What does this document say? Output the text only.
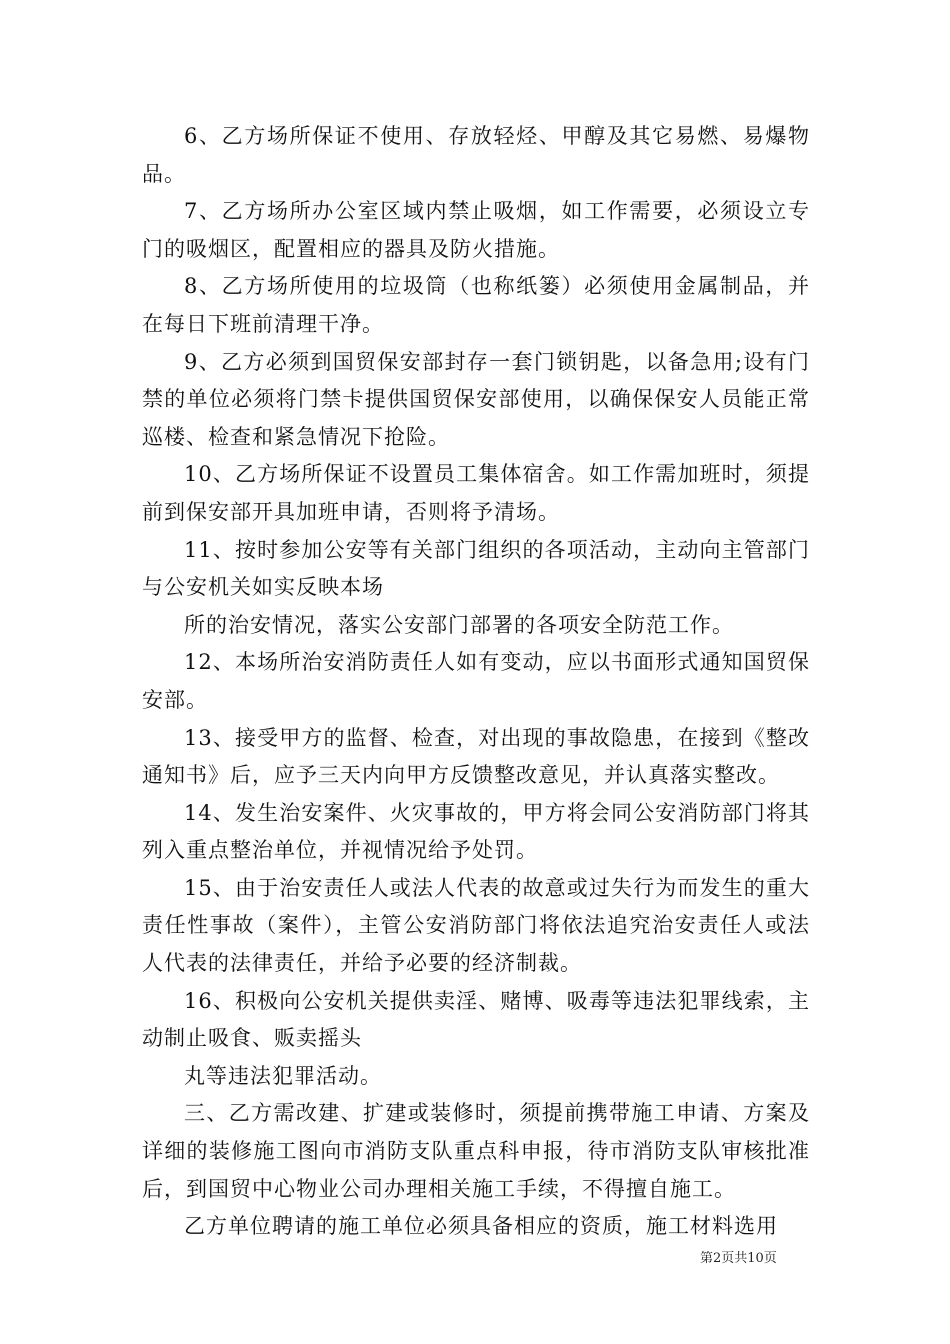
6、乙方场所保证不使用、存放轻烃、甲醇及其它易燃、易爆物品。

7、乙方场所办公室区域内禁止吸烟，如工作需要，必须设立专门的吸烟区，配置相应的器具及防火措施。

8、乙方场所使用的垃圾筒（也称纸篓）必须使用金属制品，并在每日下班前清理干净。

9、乙方必须到国贸保安部封存一套门锁钥匙，以备急用;设有门禁的单位必须将门禁卡提供国贸保安部使用，以确保保安人员能正常巡楼、检查和紧急情况下抢险。

10、乙方场所保证不设置员工集体宿舍。如工作需加班时，须提前到保安部开具加班申请，否则将予清场。

11、按时参加公安等有关部门组织的各项活动，主动向主管部门与公安机关如实反映本场

所的治安情况，落实公安部门部署的各项安全防范工作。

12、本场所治安消防责任人如有变动，应以书面形式通知国贸保安部。

13、接受甲方的监督、检查，对出现的事故隐患，在接到《整改通知书》后，应予三天内向甲方反馈整改意见，并认真落实整改。

14、发生治安案件、火灾事故的，甲方将会同公安消防部门将其列入重点整治单位，并视情况给予处罚。

15、由于治安责任人或法人代表的故意或过失行为而发生的重大责任性事故（案件），主管公安消防部门将依法追究治安责任人或法人代表的法律责任，并给予必要的经济制裁。

16、积极向公安机关提供卖淫、赌博、吸毒等违法犯罪线索，主动制止吸食、贩卖摇头

丸等违法犯罪活动。

三、乙方需改建、扩建或装修时，须提前携带施工申请、方案及详细的装修施工图向市消防支队重点科申报，待市消防支队审核批准后，到国贸中心物业公司办理相关施工手续，不得擅自施工。

乙方单位聘请的施工单位必须具备相应的资质，施工材料选用

第2页共10页
